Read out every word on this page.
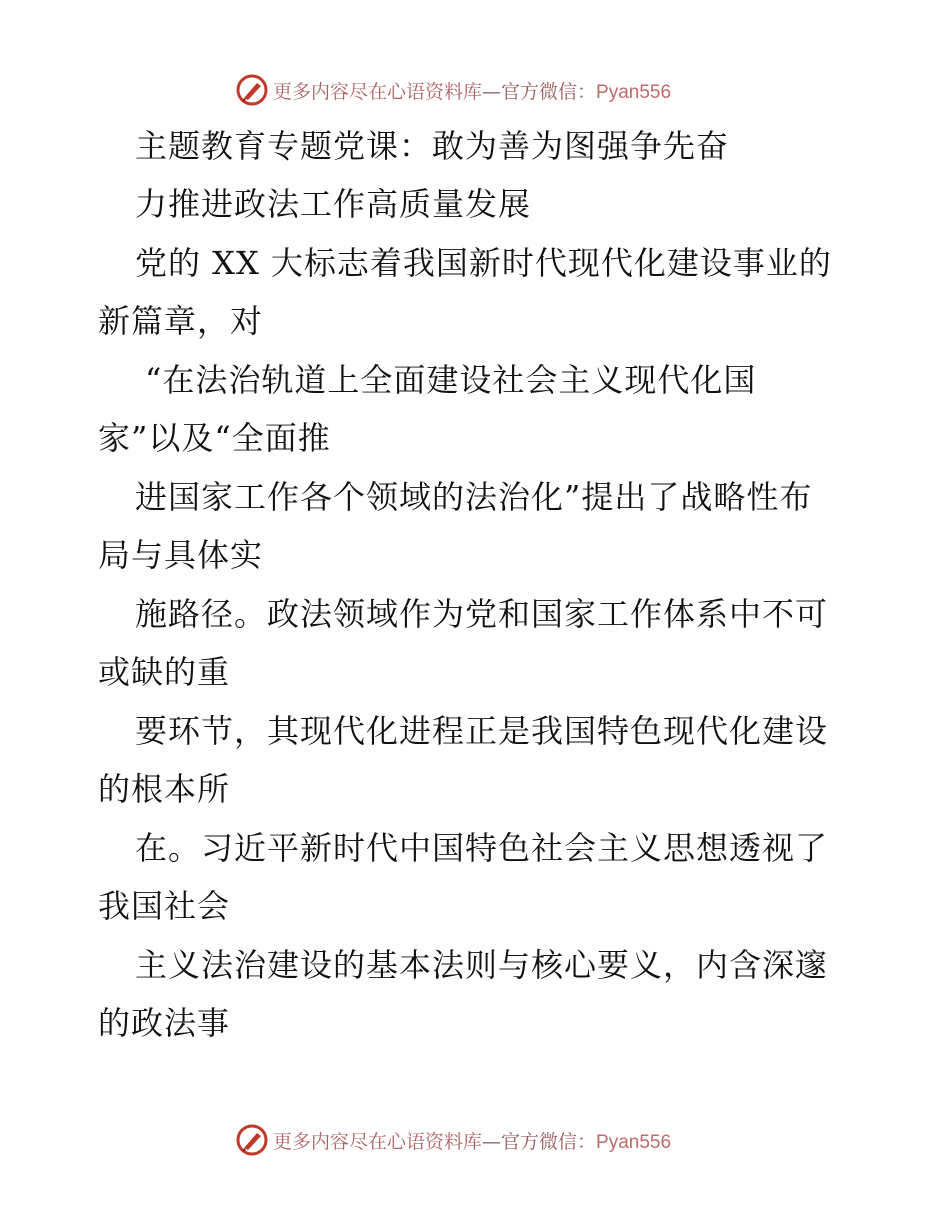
更多内容尽在心语资料库—官方微信：Pyan556
主题教育专题党课：敢为善为图强争先奋
力推进政法工作高质量发展
党的 XX 大标志着我国新时代现代化建设事业的
新篇章，对
“在法治轨道上全面建设社会主义现代化国
家”以及“全面推
进国家工作各个领域的法治化”提出了战略性布
局与具体实
施路径。政法领域作为党和国家工作体系中不可
或缺的重
要环节，其现代化进程正是我国特色现代化建设
的根本所
在。习近平新时代中国特色社会主义思想透视了
我国社会
主义法治建设的基本法则与核心要义，内含深邃
的政法事
更多内容尽在心语资料库—官方微信：Pyan556
